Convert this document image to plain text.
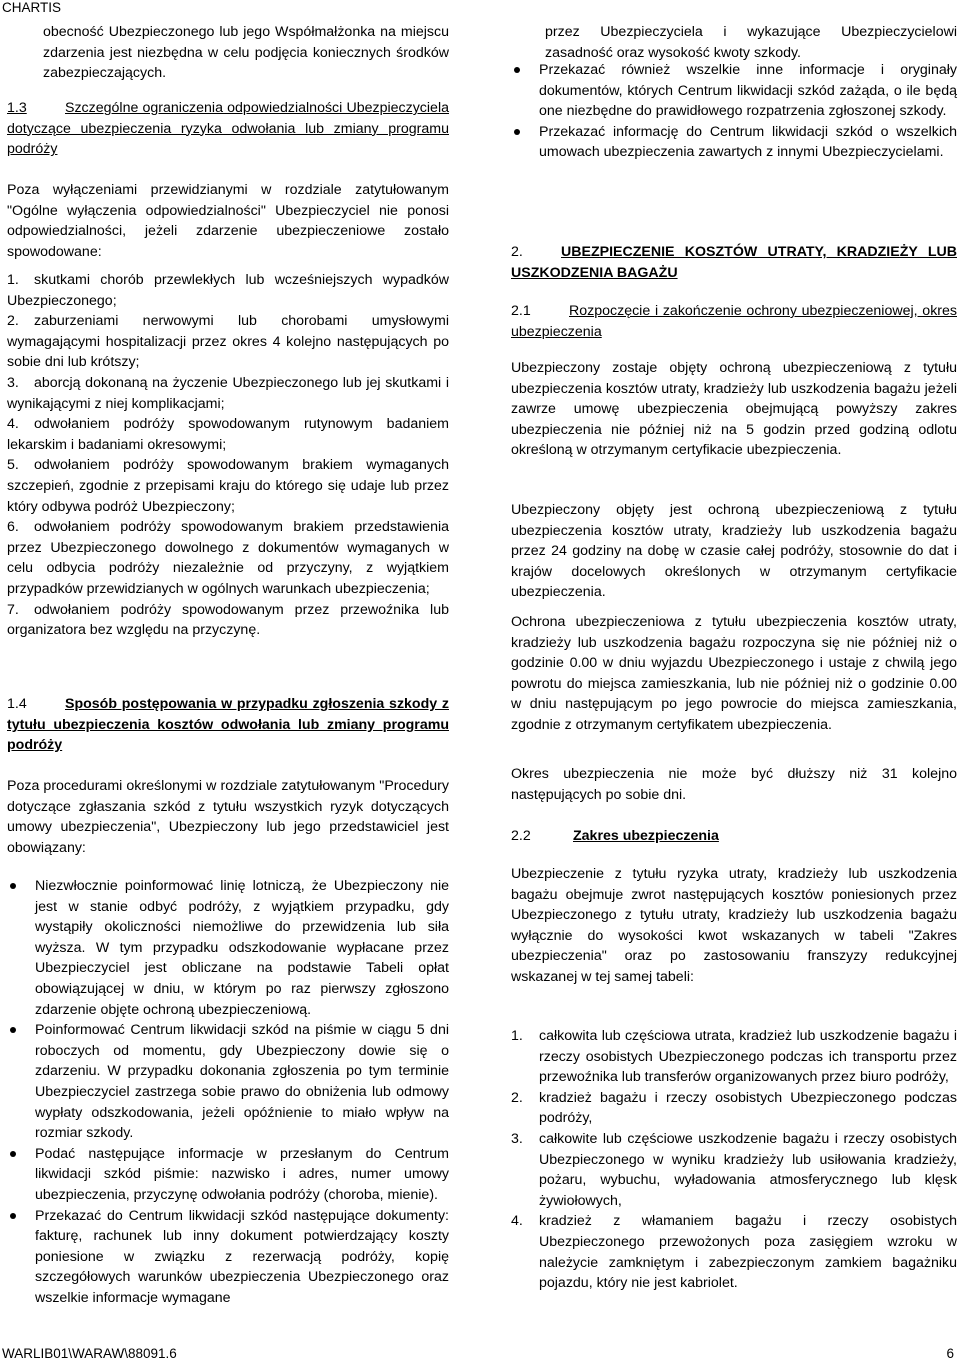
CHARTIS

obecność Ubezpieczonego lub jego Współmałżonka na miejscu zdarzenia jest niezbędna w celu podjęcia koniecznych środków zabezpieczających.

1.3	Szczególne ograniczenia odpowiedzialności Ubezpieczyciela dotyczące ubezpieczenia ryzyka odwołania lub zmiany programu podróży

Poza wyłączeniami przewidzianymi w rozdziale zatytułowanym "Ogólne wyłączenia odpowiedzialności" Ubezpieczyciel nie ponosi odpowiedzialności, jeżeli zdarzenie ubezpieczeniowe zostało spowodowane:

1. skutkami chorób przewlekłych lub wcześniejszych wypadków Ubezpieczonego;

2. zaburzeniami nerwowymi lub chorobami umysłowymi wymagającymi hospitalizacji przez okres 4 kolejno następujących po sobie dni lub krótszy;

3. aborcją dokonaną na życzenie Ubezpieczonego lub jej skutkami i wynikającymi z niej komplikacjami;

4. odwołaniem podróży spowodowanym rutynowym badaniem lekarskim i badaniami okresowymi;

5. odwołaniem podróży spowodowanym brakiem wymaganych szczepień, zgodnie z przepisami kraju do którego się udaje lub przez który odbywa podróż Ubezpieczony;

6. odwołaniem podróży spowodowanym brakiem przedstawienia przez Ubezpieczonego dowolnego z dokumentów wymaganych w celu odbycia podróży niezależnie od przyczyny, z wyjątkiem przypadków przewidzianych w ogólnych warunkach ubezpieczenia;

7. odwołaniem podróży spowodowanym przez przewoźnika lub organizatora bez względu na przyczynę.

1.4	Sposób postępowania w przypadku zgłoszenia szkody z tytułu ubezpieczenia kosztów odwołania lub zmiany programu podróży

Poza procedurami określonymi w rozdziale zatytułowanym "Procedury dotyczące zgłaszania szkód z tytułu wszystkich ryzyk dotyczących umowy ubezpieczenia", Ubezpieczony lub jego przedstawiciel jest obowiązany:

Niezwłocznie poinformować linię lotniczą, że Ubezpieczony nie jest w stanie odbyć podróży, z wyjątkiem przypadku, gdy wystąpiły okoliczności niemożliwe do przewidzenia lub siła wyższa. W tym przypadku odszkodowanie wypłacane przez Ubezpieczyciel jest obliczane na podstawie Tabeli opłat obowiązującej w dniu, w którym po raz pierwszy zgłoszono zdarzenie objęte ochroną ubezpieczeniową.
Poinformować Centrum likwidacji szkód na piśmie w ciągu 5 dni roboczych od momentu, gdy Ubezpieczony dowie się o zdarzeniu. W przypadku dokonania zgłoszenia po tym terminie Ubezpieczyciel zastrzega sobie prawo do obniżenia lub odmowy wypłaty odszkodowania, jeżeli opóźnienie to miało wpływ na rozmiar szkody.
Podać następujące informacje w przesłanym do Centrum likwidacji szkód piśmie: nazwisko i adres, numer umowy ubezpieczenia, przyczynę odwołania podróży (choroba, mienie).
Przekazać do Centrum likwidacji szkód następujące dokumenty: fakturę, rachunek lub inny dokument potwierdzający koszty poniesione w związku z rezerwacją podróży, kopię szczegółowych warunków ubezpieczenia Ubezpieczonego oraz wszelkie informacje wymagane

przez Ubezpieczyciela i wykazujące Ubezpieczycielowi zasadność oraz wysokość kwoty szkody.

Przekazać również wszelkie inne informacje i oryginały dokumentów, których Centrum likwidacji szkód zażąda, o ile będą one niezbędne do prawidłowego rozpatrzenia zgłoszonej szkody.
Przekazać informację do Centrum likwidacji szkód o wszelkich umowach ubezpieczenia zawartych z innymi Ubezpieczycielami.
2.	UBEZPIECZENIE KOSZTÓW UTRATY, KRADZIEŻY LUB USZKODZENIA BAGAŻU

2.1	Rozpoczęcie i zakończenie ochrony ubezpieczeniowej, okres ubezpieczenia

Ubezpieczony zostaje objęty ochroną ubezpieczeniową z tytułu ubezpieczenia kosztów utraty, kradzieży lub uszkodzenia bagażu jeżeli zawrze umowę ubezpieczenia obejmującą powyższy zakres ubezpieczenia nie później niż na 5 godzin przed godziną odlotu określoną w otrzymanym certyfikacie ubezpieczenia.

Ubezpieczony objęty jest ochroną ubezpieczeniową z tytułu ubezpieczenia kosztów utraty, kradzieży lub uszkodzenia bagażu przez 24 godziny na dobę w czasie całej podróży, stosownie do dat i krajów docelowych określonych w otrzymanym certyfikacie ubezpieczenia.

Ochrona ubezpieczeniowa z tytułu ubezpieczenia kosztów utraty, kradzieży lub uszkodzenia bagażu rozpoczyna się nie później niż o godzinie 0.00 w dniu wyjazdu Ubezpieczonego i ustaje z chwilą jego powrotu do miejsca zamieszkania, lub nie później niż o godzinie 0.00 w dniu następującym po jego powrocie do miejsca zamieszkania, zgodnie z otrzymanym certyfikatem ubezpieczenia.

Okres ubezpieczenia nie może być dłuższy niż 31 kolejno następujących po sobie dni.

2.2	Zakres ubezpieczenia

Ubezpieczenie z tytułu ryzyka utraty, kradzieży lub uszkodzenia bagażu obejmuje zwrot następujących kosztów poniesionych przez Ubezpieczonego z tytułu utraty, kradzieży lub uszkodzenia bagażu wyłącznie do wysokości kwot wskazanych w tabeli "Zakres ubezpieczenia" oraz po zastosowaniu franszyzy redukcyjnej wskazanej w tej samej tabeli:

1.	całkowita lub częściowa utrata, kradzież lub uszkodzenie bagażu i rzeczy osobistych Ubezpieczonego podczas ich transportu przez przewoźnika lub transferów organizowanych przez biuro podróży,
2.	kradzież bagażu i rzeczy osobistych Ubezpieczonego podczas podróży,
3.	całkowite lub częściowe uszkodzenie bagażu i rzeczy osobistych Ubezpieczonego w wyniku kradzieży lub usiłowania kradzieży, pożaru, wybuchu, wyładowania atmosferycznego lub klęsk żywiołowych,
4.	kradzież z włamaniem bagażu i rzeczy osobistych Ubezpieczonego przewożonych poza zasięgiem wzroku w należycie zamkniętym i zabezpieczonym zamkiem bagażniku pojazdu, który nie jest kabriolet.
WARLIB01\WARAW\88091.6	6
